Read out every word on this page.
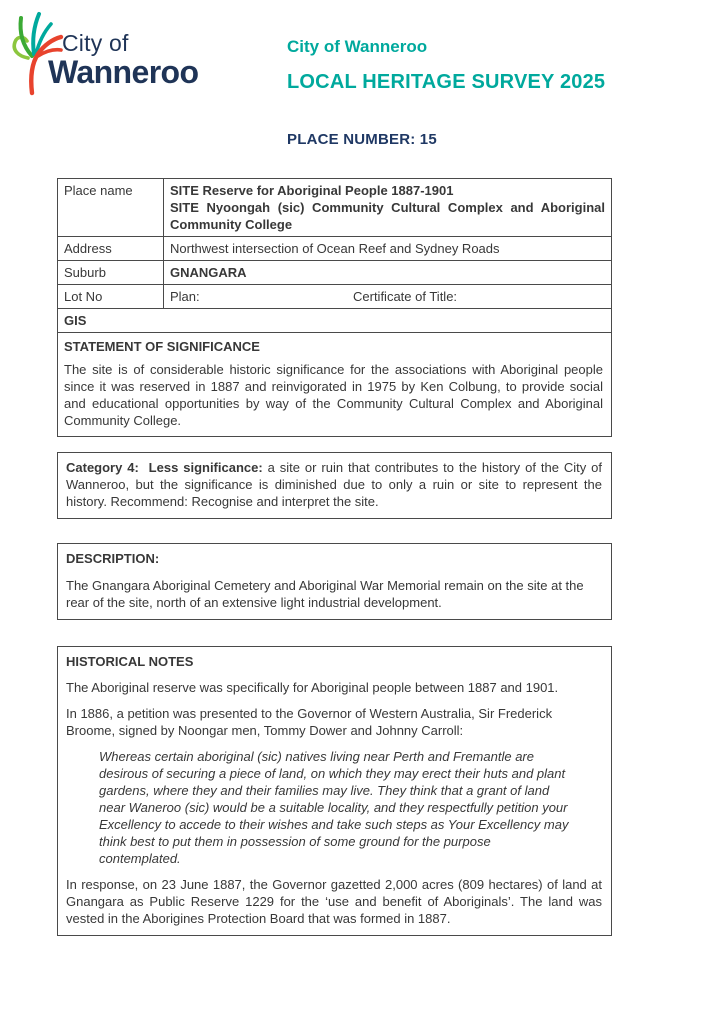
City of
Wanneroo
City of Wanneroo
LOCAL HERITAGE SURVEY 2025
PLACE NUMBER: 15
Place name	SITE Reserve for Aboriginal People 1887-1901

SITE Nyoongah (sic) Community Cultural Complex and Aboriginal Community College

Address	Northwest intersection of Ocean Reef and Sydney Roads
Suburb	GNANGARA
Lot No	Plan: Certificate of Title:

GIS	

STATEMENT OF SIGNIFICANCE

The site is of considerable historic significance for the associations with Aboriginal people since it was reserved in 1887 and reinvigorated in 1975 by Ken Colbung, to provide social and educational opportunities by way of the Community Cultural Complex and Aboriginal Community College.	

Category 4:  Less significance: a site or ruin that contributes to the history of the City of Wanneroo, but the significance is diminished due to only a ruin or site to represent the history. Recommend: Recognise and interpret the site.

DESCRIPTION:

The Gnangara Aboriginal Cemetery and Aboriginal War Memorial remain on the site at the rear of the site, north of an extensive light industrial development.

HISTORICAL NOTES

The Aboriginal reserve was specifically for Aboriginal people between 1887 and 1901.

In 1886, a petition was presented to the Governor of Western Australia, Sir Frederick Broome, signed by Noongar men, Tommy Dower and Johnny Carroll:

Whereas certain aboriginal (sic) natives living near Perth and Fremantle are desirous of securing a piece of land, on which they may erect their huts and plant gardens, where they and their families may live. They think that a grant of land near Waneroo (sic) would be a suitable locality, and they respectfully petition your Excellency to accede to their wishes and take such steps as Your Excellency may think best to put them in possession of some ground for the purpose contemplated.

In response, on 23 June 1887, the Governor gazetted 2,000 acres (809 hectares) of land at Gnangara as Public Reserve 1229 for the ‘use and benefit of Aboriginals’. The land was vested in the Aborigines Protection Board that was formed in 1887.
